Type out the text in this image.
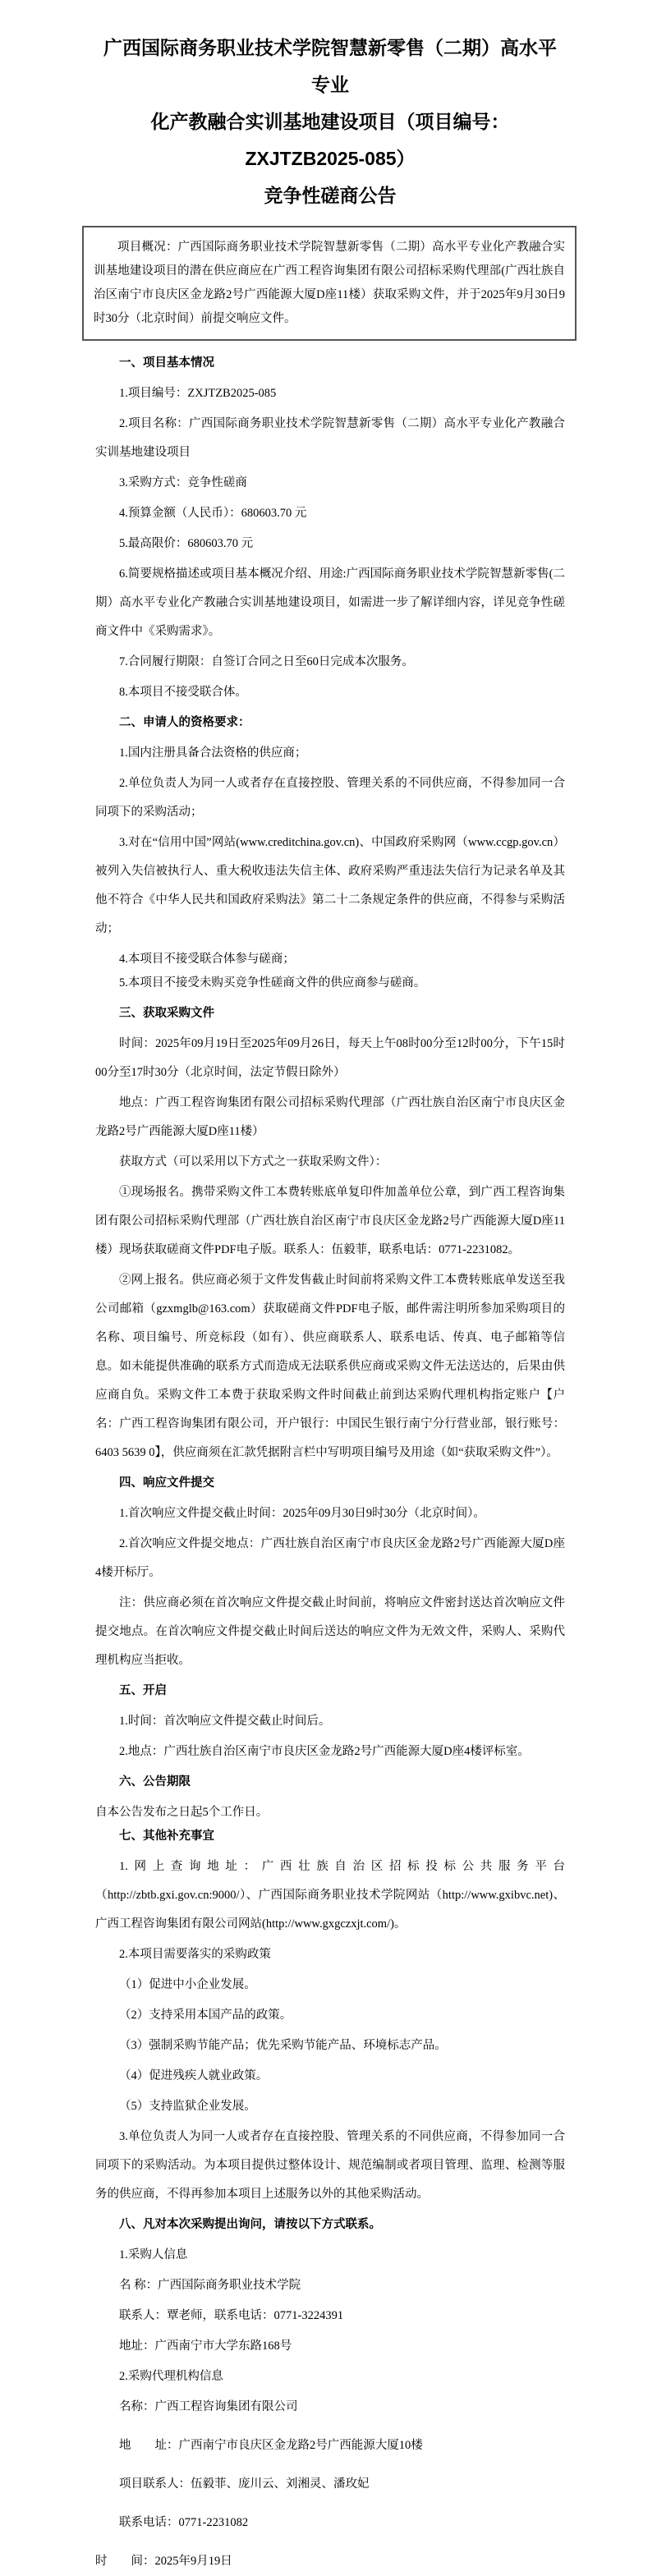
广西国际商务职业技术学院智慧新零售（二期）高水平专业
化产教融合实训基地建设项目（项目编号：ZXJTZB2025-085）
竞争性磋商公告

项目概况：广西国际商务职业技术学院智慧新零售（二期）高水平专业化产教融合实训基地建设项目的潜在供应商应在广西工程咨询集团有限公司招标采购代理部(广西壮族自治区南宁市良庆区金龙路2号广西能源大厦D座11楼）获取采购文件，并于2025年9月30日9时30分（北京时间）前提交响应文件。

一、项目基本情况

1.项目编号：ZXJTZB2025-085

2.项目名称：广西国际商务职业技术学院智慧新零售（二期）高水平专业化产教融合实训基地建设项目

3.采购方式：竞争性磋商

4.预算金额（人民币）：680603.70 元

5.最高限价：680603.70 元

6.简要规格描述或项目基本概况介绍、用途:广西国际商务职业技术学院智慧新零售(二期）高水平专业化产教融合实训基地建设项目，如需进一步了解详细内容，详见竞争性磋商文件中《采购需求》。

7.合同履行期限：自签订合同之日至60日完成本次服务。

8.本项目不接受联合体。

二、申请人的资格要求：

1.国内注册具备合法资格的供应商；

2.单位负责人为同一人或者存在直接控股、管理关系的不同供应商，不得参加同一合同项下的采购活动；

3.对在“信用中国”网站(www.creditchina.gov.cn)、中国政府采购网（www.ccgp.gov.cn）被列入失信被执行人、重大税收违法失信主体、政府采购严重违法失信行为记录名单及其他不符合《中华人民共和国政府采购法》第二十二条规定条件的供应商，不得参与采购活动；

4.本项目不接受联合体参与磋商；

5.本项目不接受未购买竞争性磋商文件的供应商参与磋商。

三、获取采购文件

时间：2025年09月19日至2025年09月26日，每天上午08时00分至12时00分，下午15时00分至17时30分（北京时间，法定节假日除外）

地点：广西工程咨询集团有限公司招标采购代理部（广西壮族自治区南宁市良庆区金龙路2号广西能源大厦D座11楼）

获取方式（可以采用以下方式之一获取采购文件）：

①现场报名。携带采购文件工本费转账底单复印件加盖单位公章，到广西工程咨询集团有限公司招标采购代理部（广西壮族自治区南宁市良庆区金龙路2号广西能源大厦D座11楼）现场获取磋商文件PDF电子版。联系人：伍毅菲，联系电话：0771-2231082。

②网上报名。供应商必须于文件发售截止时间前将采购文件工本费转账底单发送至我公司邮箱（gzxmglb@163.com）获取磋商文件PDF电子版，邮件需注明所参加采购项目的名称、项目编号、所竞标段（如有）、供应商联系人、联系电话、传真、电子邮箱等信息。如未能提供准确的联系方式而造成无法联系供应商或采购文件无法送达的，后果由供应商自负。采购文件工本费于获取采购文件时间截止前到达采购代理机构指定账户【户名：广西工程咨询集团有限公司，开户银行：中国民生银行南宁分行营业部，银行账号：6403 5639 0】，供应商须在汇款凭据附言栏中写明项目编号及用途（如“获取采购文件”）。

四、响应文件提交

1.首次响应文件提交截止时间：2025年09月30日9时30分（北京时间）。

2.首次响应文件提交地点：广西壮族自治区南宁市良庆区金龙路2号广西能源大厦D座4楼开标厅。

注：供应商必须在首次响应文件提交截止时间前，将响应文件密封送达首次响应文件提交地点。在首次响应文件提交截止时间后送达的响应文件为无效文件，采购人、采购代理机构应当拒收。

五、开启

1.时间：首次响应文件提交截止时间后。

2.地点：广西壮族自治区南宁市良庆区金龙路2号广西能源大厦D座4楼评标室。

六、公告期限

自本公告发布之日起5个工作日。

七、其他补充事宜

1.网上查询地址：广西壮族自治区招标投标公共服务平台（http://zbtb.gxi.gov.cn:9000/）、广西国际商务职业技术学院网站（http://www.gxibvc.net)、广西工程咨询集团有限公司网站(http://www.gxgczxjt.com/)。

2.本项目需要落实的采购政策

（1）促进中小企业发展。

（2）支持采用本国产品的政策。

（3）强制采购节能产品；优先采购节能产品、环境标志产品。

（4）促进残疾人就业政策。

（5）支持监狱企业发展。

3.单位负责人为同一人或者存在直接控股、管理关系的不同供应商，不得参加同一合同项下的采购活动。为本项目提供过整体设计、规范编制或者项目管理、监理、检测等服务的供应商，不得再参加本项目上述服务以外的其他采购活动。

八、凡对本次采购提出询问，请按以下方式联系。

1.采购人信息

名 称：广西国际商务职业技术学院

联系人：覃老师，联系电话：0771-3224391

地址：广西南宁市大学东路168号

2.采购代理机构信息

名称：广西工程咨询集团有限公司

地　　址：广西南宁市良庆区金龙路2号广西能源大厦10楼

项目联系人：伍毅菲、庞川云、刘湘灵、潘玫妃

联系电话：0771-2231082

时　　间：2025年9月19日
